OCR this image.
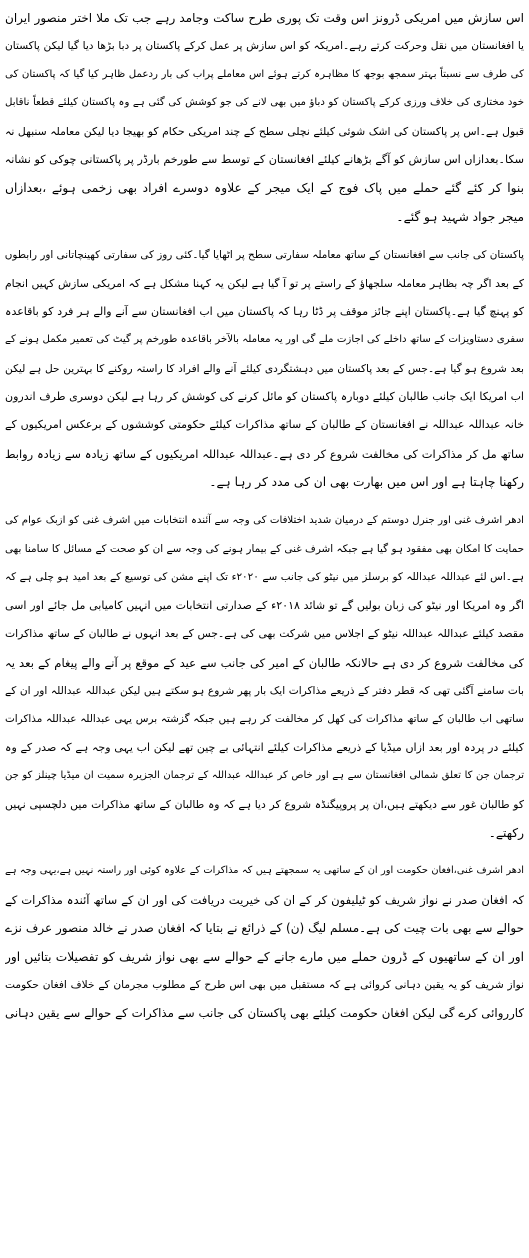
اس سازش میں امریکی ڈرونز اس وقت تک پوری طرح ساکت وجامد رہے جب تک ملا اختر منصور ایران
یا افغانستان میں نقل وحرکت کرتے رہے۔امریکہ کو اس سازش پر عمل کرکے پاکستان پر دبا بڑھا دیا گیا لیکن پاکستان
کی طرف سے نسبتاً بہتر سمجھ بوجھ کا مظاہرہ کرتے ہوئے اس معاملے پراب کی بار ردعمل ظاہر کیا گیا کہ پاکستان کی
خود مختاری کی خلاف ورزی کرکے پاکستان کو دباؤ میں بھی لانے کی جو کوشش کی گئی ہے وہ پاکستان کیلئے قطعاً ناقابل
قبول ہے۔اس پر پاکستان کی اشک شوئی کیلئے نچلی سطح کے چند امریکی حکام کو بھیجا دیا لیکن معاملہ سنبھل نہ
سکا۔بعدازاں اس سازش کو آگے بڑھانے کیلئے افغانستان کے توسط سے طورخم بارڈر پر پاکستانی چوکی کو نشانہ
بنوا کر کئے گئے حملے میں پاک فوج کے ایک میجر کے علاوہ دوسرے افراد بھی زخمی ہوئے ،بعدازاں
میجر جواد شہید ہو گئے۔
پاکستان کی جانب سے افغانستان کے ساتھ معاملہ سفارتی سطح پر اٹھایا گیا۔کئی روز کی سفارتی کھینچاتانی اور رابطوں
کے بعد اگر چہ بظاہر معاملہ سلجھاؤ کے راستے پر تو آ گیا ہے لیکن یہ کہنا مشکل ہے کہ امریکی سازش کہیں انجام
کو پہنچ گیا ہے۔پاکستان اپنے جائز موقف پر ڈٹا رہا کہ پاکستان میں اب افغانستان سے آنے والے ہر فرد کو باقاعدہ
سفری دستاویزات کے ساتھ داخلے کی اجازت ملے گی اور یہ معاملہ بالآخر باقاعدہ طورخم پر گیٹ کی تعمیر مکمل ہونے کے
بعد شروع ہو گیا ہے۔جس کے بعد پاکستان میں دہشتگردی کیلئے آنے والے افراد کا راستہ روکنے کا بہترین حل ہے لیکن
اب امریکا ایک جانب طالبان کیلئے دوبارہ پاکستان کو مائل کرنے کی کوشش کر رہا ہے لیکن دوسری طرف اندرون
خانہ عبداللہ عبداللہ نے افغانستان کے طالبان کے ساتھ مذاکرات کیلئے حکومتی کوششوں کے برعکس امریکیوں کے
ساتھ مل کر مذاکرات کی مخالفت شروع کر دی ہے۔عبداللہ عبداللہ امریکیوں کے ساتھ زیادہ سے زیادہ روابط
رکھنا چاہتا ہے اور اس میں بھارت بھی ان کی مدد کر رہا ہے۔
ادھر اشرف غنی اور جنرل دوستم کے درمیان شدید اختلافات کی وجہ سے آئندہ انتخابات میں اشرف غنی کو ازبک عوام کی
حمایت کا امکان بھی مفقود ہو گیا ہے جبکہ اشرف غنی کے بیمار ہونے کی وجہ سے ان کو صحت کے مسائل کا سامنا بھی
ہے۔اس لئے عبداللہ عبداللہ کو برسلز میں نیٹو کی جانب سے ۲۰۲۰ء تک اپنے مشن کی توسیع کے بعد امید ہو چلی ہے کہ
اگر وہ امریکا اور نیٹو کی زبان بولیں گے تو شائد ۲۰۱۸ء کے صدارتی انتخابات میں انہیں کامیابی مل جائے اور اسی
مقصد کیلئے عبداللہ عبداللہ نیٹو کے اجلاس میں شرکت بھی کی ہے۔جس کے بعد انہوں نے طالبان کے ساتھ مذاکرات
کی مخالفت شروع کر دی ہے حالانکہ طالبان کے امیر کی جانب سے عید کے موقع پر آنے والے پیغام کے بعد یہ
بات سامنے آگئی تھی کہ قطر دفتر کے ذریعے مذاکرات ایک بار پھر شروع ہو سکتے ہیں لیکن عبداللہ عبداللہ اور ان کے
ساتھی اب طالبان کے ساتھ مذاکرات کی کھل کر مخالفت کر رہے ہیں جبکہ گزشتہ برس یہی عبداللہ عبداللہ مذاکرات
کیلئے در پردہ اور بعد ازاں میڈیا کے ذریعے مذاکرات کیلئے انتہائی بے چین تھے لیکن اب یہی وجہ ہے کہ صدر کے وہ
ترجمان جن کا تعلق شمالی افغانستان سے ہے اور خاص کر عبداللہ عبداللہ کے ترجمان الجزیرہ سمیت ان میڈیا چینلز کو جن
کو طالبان غور سے دیکھتے ہیں،ان پر پروپیگنڈہ شروع کر دیا ہے کہ وہ طالبان کے ساتھ مذاکرات میں دلچسپی نہیں
رکھتے۔
ادھر اشرف غنی،افغان حکومت اور ان کے ساتھی یہ سمجھتے ہیں کہ مذاکرات کے علاوہ کوئی اور راستہ نہیں ہے،یہی وجہ ہے
کہ افغان صدر نے نواز شریف کو ٹیلیفون کر کے ان کی خیریت دریافت کی اور ان کے ساتھ آئندہ مذاکرات کے
حوالے سے بھی بات چیت کی ہے۔مسلم لیگ (ن) کے ذرائع نے بتایا کہ افغان صدر نے خالد منصور عرف نزے
اور ان کے ساتھیوں کے ڈرون حملے میں مارے جانے کے حوالے سے بھی نواز شریف کو تفصیلات بتائیں اور
نواز شریف کو یہ یقین دہانی کروائی ہے کہ مستقبل میں بھی اس طرح کے مطلوب مجرمان کے خلاف افغان حکومت
کارروائی کرے گی لیکن افغان حکومت کیلئے بھی پاکستان کی جانب سے مذاکرات کے حوالے سے یقین دہانی
